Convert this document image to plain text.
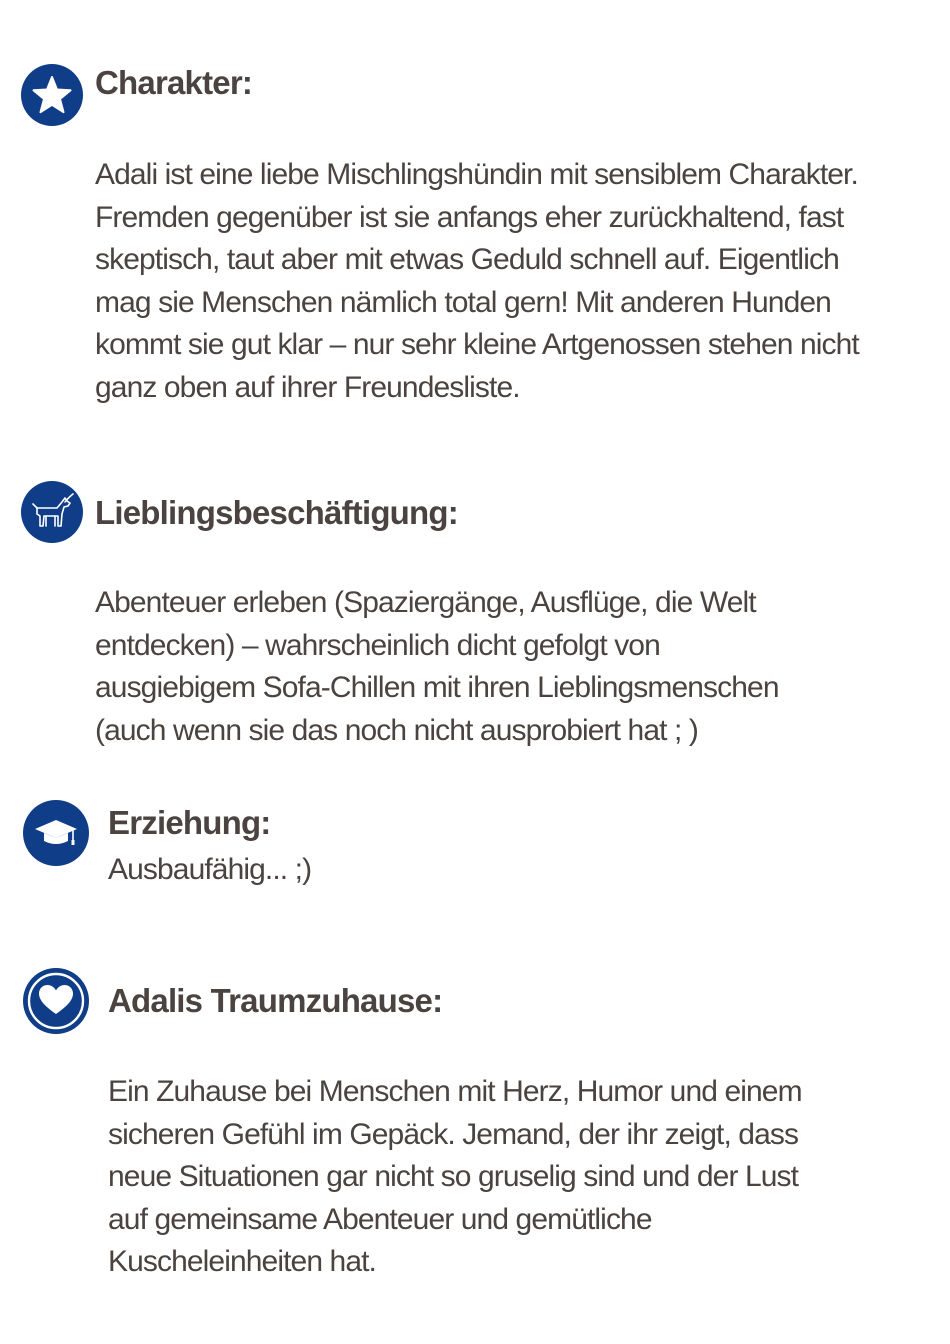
Charakter:

Adali ist eine liebe Mischlingshündin mit sensiblem Charakter.
Fremden gegenüber ist sie anfangs eher zurückhaltend, fast
skeptisch, taut aber mit etwas Geduld schnell auf. Eigentlich
mag sie Menschen nämlich total gern! Mit anderen Hunden
kommt sie gut klar – nur sehr kleine Artgenossen stehen nicht
ganz oben auf ihrer Freundesliste.

Lieblingsbeschäftigung:

Abenteuer erleben (Spaziergänge, Ausflüge, die Welt
entdecken) – wahrscheinlich dicht gefolgt von
ausgiebigem Sofa-Chillen mit ihren Lieblingsmenschen
(auch wenn sie das noch nicht ausprobiert hat ; )

Erziehung:

Ausbaufähig... ;)

Adalis Traumzuhause:

Ein Zuhause bei Menschen mit Herz, Humor und einem
sicheren Gefühl im Gepäck. Jemand, der ihr zeigt, dass
neue Situationen gar nicht so gruselig sind und der Lust
auf gemeinsame Abenteuer und gemütliche
Kuscheleinheiten hat.
